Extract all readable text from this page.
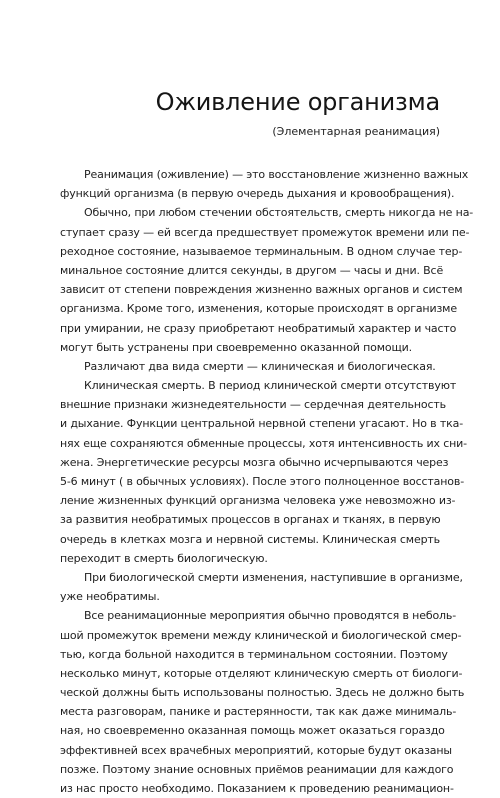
Оживление организма

(Элементарная реанимация)

Реанимация (оживление) — это восстановление жизненно важных
функций организма (в первую очередь дыхания и кровообращения).
Обычно, при любом стечении обстоятельств, смерть никогда не на-
ступает сразу — ей всегда предшествует промежуток времени или пе-
реходное состояние, называемое терминальным. В одном случае тер-
минальное состояние длится секунды, в другом — часы и дни. Всё
зависит от степени повреждения жизненно важных органов и систем
организма. Кроме того, изменения, которые происходят в организме
при умирании, не сразу приобретают необратимый характер и часто
могут быть устранены при своевременно оказанной помощи.
Различают два вида смерти — клиническая и биологическая.
Клиническая смерть. В период клинической смерти отсутствуют
внешние признаки жизнедеятельности — сердечная деятельность
и дыхание. Функции центральной нервной степени угасают. Но в тка-
нях еще сохраняются обменные процессы, хотя интенсивность их сни-
жена. Энергетические ресурсы мозга обычно исчерпываются через
5-6 минут ( в обычных условиях). После этого полноценное восстанов-
ление жизненных функций организма человека уже невозможно из-
за развития необратимых процессов в органах и тканях, в первую
очередь в клетках мозга и нервной системы. Клиническая смерть
переходит в смерть биологическую.
При биологической смерти изменения, наступившие в организме,
уже необратимы.
Все реанимационные мероприятия обычно проводятся в неболь-
шой промежуток времени между клинической и биологической смер-
тью, когда больной находится в терминальном состоянии. Поэтому
несколько минут, которые отделяют клиническую смерть от биологи-
ческой должны быть использованы полностью. Здесь не должно быть
места разговорам, панике и растерянности, так как даже минималь-
ная, но своевременно оказанная помощь может оказаться гораздо
эффективней всех врачебных мероприятий, которые будут оказаны
позже. Поэтому знание основных приёмов реанимации для каждого
из нас просто необходимо. Показанием к проведению реанимацион-
